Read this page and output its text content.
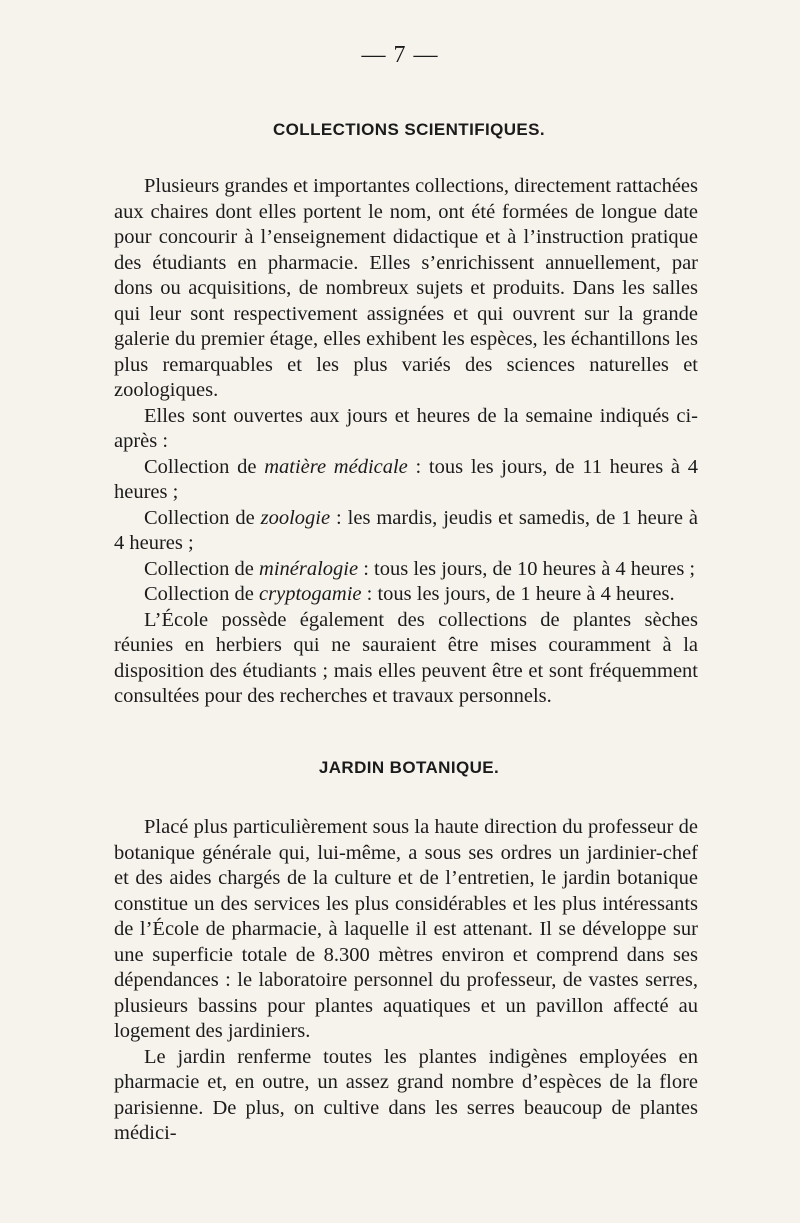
— 7 —
COLLECTIONS SCIENTIFIQUES.

Plusieurs grandes et importantes collections, directement rattachées aux chaires dont elles portent le nom, ont été formées de longue date pour concourir à l’enseignement didactique et à l’instruction pratique des étudiants en pharmacie. Elles s’enrichissent annuellement, par dons ou acquisitions, de nombreux sujets et produits. Dans les salles qui leur sont respectivement assignées et qui ouvrent sur la grande galerie du premier étage, elles exhibent les espèces, les échantillons les plus remarquables et les plus variés des sciences naturelles et zoologiques.

Elles sont ouvertes aux jours et heures de la semaine indiqués ci-après :

Collection de matière médicale : tous les jours, de 11 heures à 4 heures ;

Collection de zoologie : les mardis, jeudis et samedis, de 1 heure à 4 heures ;

Collection de minéralogie : tous les jours, de 10 heures à 4 heures ;

Collection de cryptogamie : tous les jours, de 1 heure à 4 heures.

L’École possède également des collections de plantes sèches réunies en herbiers qui ne sauraient être mises couramment à la disposition des étudiants ; mais elles peuvent être et sont fréquemment consultées pour des recherches et travaux personnels.

JARDIN BOTANIQUE.

Placé plus particulièrement sous la haute direction du professeur de botanique générale qui, lui-même, a sous ses ordres un jardinier-chef et des aides chargés de la culture et de l’entretien, le jardin botanique constitue un des services les plus considérables et les plus intéressants de l’École de pharmacie, à laquelle il est attenant. Il se développe sur une superficie totale de 8.300 mètres environ et comprend dans ses dépendances : le laboratoire personnel du professeur, de vastes serres, plusieurs bassins pour plantes aquatiques et un pavillon affecté au logement des jardiniers.

Le jardin renferme toutes les plantes indigènes employées en pharmacie et, en outre, un assez grand nombre d’espèces de la flore parisienne. De plus, on cultive dans les serres beaucoup de plantes médici-
